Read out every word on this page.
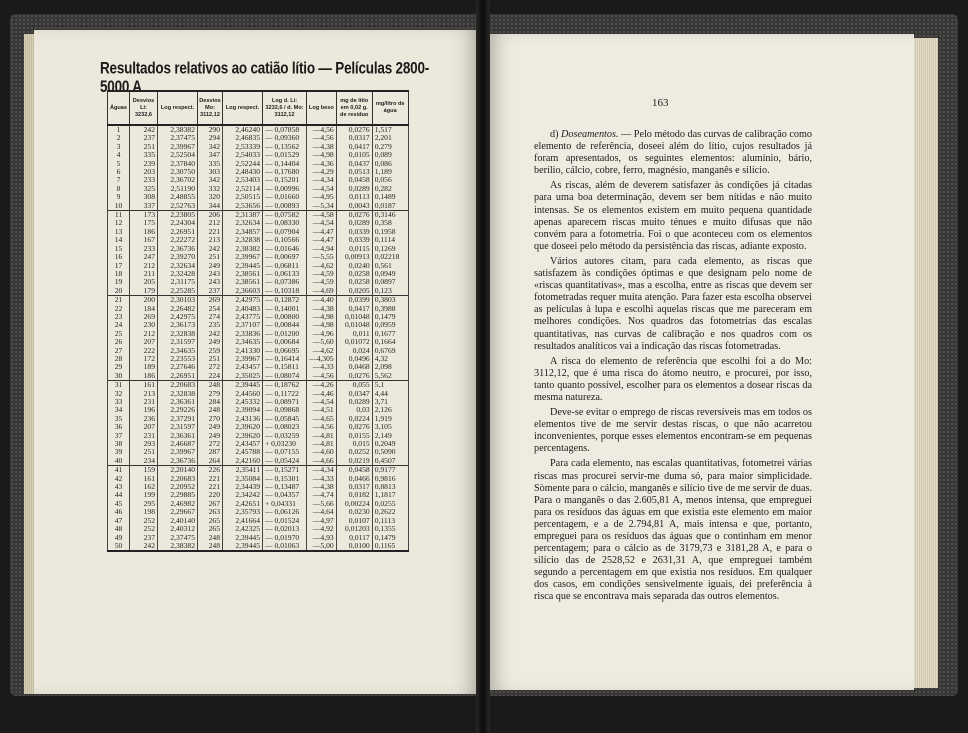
Resultados relativos ao catião lítio — Películas 2800-5000 A
Águas	Desvios Li: 3232,6	Log respect.	Desvios Mo: 3112,12	Log respect.	Log d. Li: 3232,6 / d. Mo: 3112,12	Log beso	mg de lítio em 0,02 g. de resíduo	mg/litro de água
1	242	2,38382	290	2,46240	— 0,07858	—4,56	0,0276	1,517
2	237	2,37475	294	2,46835	— 0,09360	—4,56	0,0317	2,201
3	251	2,39967	342	2,53339	— 0,13562	—4,38	0,0417	0,279
4	335	2,52504	347	2,54033	— 0,01529	—4,98	0,0105	0,089
5	239	2,37840	335	2,52244	— 0,14404	—4,36	0,0437	0,086
6	203	2,30750	303	2,48430	— 0,17680	—4,29	0,0513	1,189
7	233	2,36702	342	2,53403	— 0,15201	—4,34	0,0458	0,056
8	325	2,51190	332	2,52114	— 0,00996	—4,54	0,0289	0,282
9	308	2,48855	320	2,50515	— 0,01660	—4,95	0,0113	0,1489
10	337	2,52763	344	2,53656	— 0,00893	—5,34	0,0043	0,0187
11	173	2,23805	206	2,31387	— 0,07582	—4,58	0,0276	0,3146
12	175	2,24304	212	2,32634	— 0,08330	—4,54	0,0289	0,358
13	186	2,26951	221	2,34857	— 0,07904	—4,47	0,0339	0,1958
14	167	2,22272	213	2,32838	— 0,10566	—4,47	0,0339	0,1114
15	233	2,36736	242	2,38382	— 0,01646	—4,94	0,0115	0,1269
16	247	2,39270	251	2,39967	— 0,00697	—5,55	0,00913	0,02218
17	212	2,32634	249	2,39445	— 0,06811	—4,62	0,0240	0,561
18	211	2,32428	243	2,38561	— 0,06133	—4,59	0,0258	0,0949
19	205	2,31175	243	2,38561	— 0,07386	—4,59	0,0258	0,0897
20	179	2,25285	237	2,36603	— 0,10318	—4,69	0,0205	0,123
21	200	2,30103	269	2,42975	— 0,12872	—4,40	0,0399	0,3803
22	184	2,26482	254	2,40483	— 0,14001	—4,38	0,0417	0,3988
23	269	2,42975	274	2,43775	— 0,00800	—4,98	0,01048	0,1479
24	230	2,36173	235	2,37107	— 0,00844	—4,98	0,01048	0,0959
25	212	2,32838	242	2,33836	— 0,01200	—4,96	0,011	0,1677
26	207	2,31597	249	2,34635	— 0,00684	—5,60	0,01072	0,1664
27	222	2,34635	259	2,41330	— 0,06695	—4,62	0,024	0,6769
28	172	2,23553	251	2,39967	— 0,16414	—4,305	0,0496	4,32
29	189	2,27646	272	2,43457	— 0,15811	—4,33	0,0468	2,098
30	186	2,26951	224	2,35025	— 0,08074	—4,56	0,0276	5,562
31	161	2,20683	248	2,39445	— 0,18762	—4,26	0,055	5,1
32	213	2,32838	279	2,44560	— 0,11722	—4,46	0,0347	4,44
33	231	2,36361	284	2,45332	— 0,08971	—4,54	0,0289	3,71
34	196	2,29226	248	2,39094	— 0,09868	—4,51	0,03	2,126
35	236	2,37291	270	2,43136	— 0,05845	—4,65	0,0224	1,919
36	207	2,31597	249	2,39620	— 0,08023	—4,56	0,0276	3,105
37	231	2,36361	249	2,39620	— 0,03259	—4,81	0,0155	2,149
38	293	2,46687	272	2,43457	+ 0,03230	—4,81	0,015	0,2049
39	251	2,39967	287	2,45788	— 0,07155	—4,60	0,0252	0,5090
40	234	2,36736	264	2,42160	— 0,05424	—4,66	0,0219	0,4507
41	159	2,20140	226	2,35411	— 0,15271	—4,34	0,0458	0,9177
42	161	2,20683	221	2,35084	— 0,15301	—4,33	0,0466	0,9816
43	162	2,20952	221	2,34439	— 0,13487	—4,38	0,0317	0,8813
44	199	2,29885	220	2,34242	— 0,04357	—4,74	0,0182	1,1817
45	295	2,46982	267	2,42651	+ 0,04331	—5,66	0,00224	0,0255
46	198	2,29667	263	2,35793	— 0,06126	—4,64	0,0230	0,2622
47	252	2,40140	265	2,41664	— 0,01524	—4,97	0,0107	0,1113
48	252	2,40312	265	2,42325	— 0,02013	—4,92	0,01203	0,1355
49	237	2,37475	248	2,39445	— 0,01970	—4,93	0,0117	0,1479
50	242	2,38382	248	2,39445	— 0,01063	—5,00	0,0100	0,1165
163

d) Doseamentos. — Pelo método das curvas de calibração como elemento de referência, doseei além do lítio, cujos resultados já foram apresentados, os seguintes elementos: alumínio, bário, berílio, cálcio, cobre, ferro, magnésio, manganês e silício.

As riscas, além de deverem satisfazer às condições já citadas para uma boa determinação, devem ser bem nítidas e não muito intensas. Se os elementos existem em muito pequena quantidade apenas aparecem riscas muito ténues e muito difusas que não convém para a fotometria. Foi o que aconteceu com os elementos que doseei pelo método da persistência das riscas, adiante exposto.

Vários autores citam, para cada elemento, as riscas que satisfazem às condições óptimas e que designam pelo nome de «riscas quantitativas», mas a escolha, entre as riscas que devem ser fotometradas requer muita atenção. Para fazer esta escolha observei as películas à lupa e escolhi aquelas riscas que me pareceram em melhores condições. Nos quadros das fotometrias das escalas quantitativas, nas curvas de calibração e nos quadros com os resultados analíticos vai a indicação das riscas fotometradas.

A risca do elemento de referência que escolhi foi a do Mo: 3112,12, que é uma risca do átomo neutro, e procurei, por isso, tanto quanto possível, escolher para os elementos a dosear riscas da mesma natureza.

Deve-se evitar o emprego de riscas reversíveis mas em todos os elementos tive de me servir destas riscas, o que não acarretou inconvenientes, porque esses elementos encontram-se em pequenas percentagens.

Para cada elemento, nas escalas quantitativas, fotometrei várias riscas mas procurei servir-me duma só, para maior simplicidade. Sòmente para o cálcio, manganês e silício tive de me servir de duas. Para o manganês o das 2.605,81 A, menos intensa, que empreguei para os resíduos das águas em que existia este elemento em maior percentagem, e a de 2.794,81 A, mais intensa e que, portanto, empreguei para os resíduos das águas que o continham em menor percentagem; para o cálcio as de 3179,73 e 3181,28 A, e para o silício das de 2528,52 e 2631,31 A, que empreguei também segundo a percentagem em que existia nos resíduos. Em qualquer dos casos, em condições sensìvelmente iguais, dei preferência à risca que se encontrava mais separada das outros elementos.
